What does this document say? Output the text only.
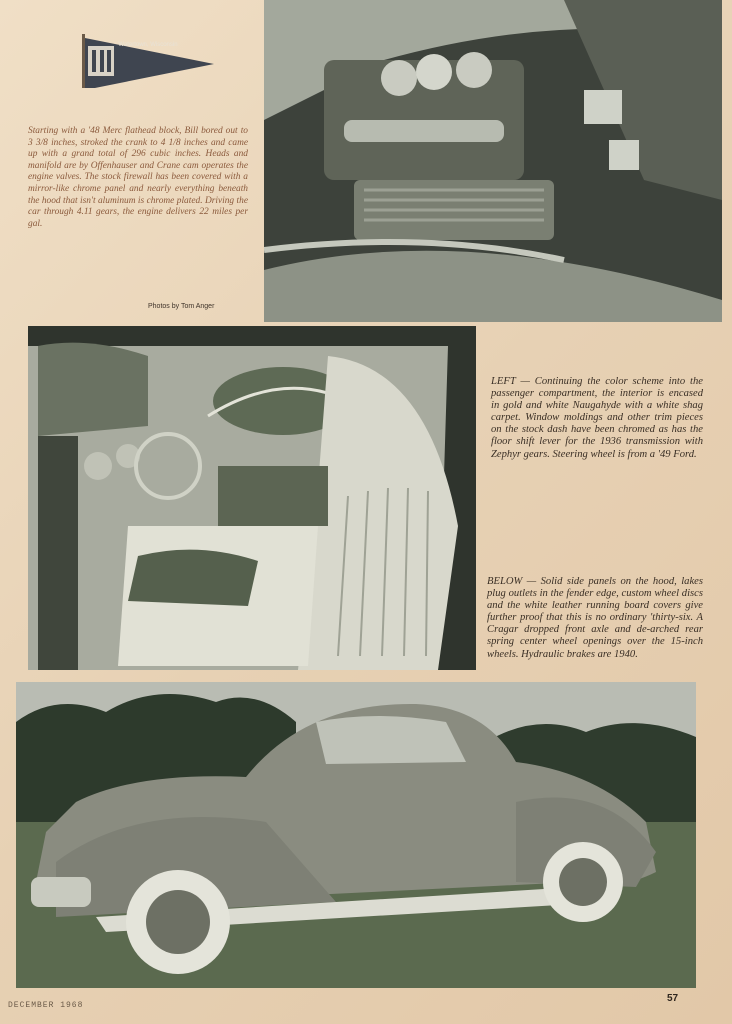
Watertown, Wisconsin
Starting with a '48 Merc flathead block, Bill bored out to 3 3/8 inches, stroked the crank to 4 1/8 inches and came up with a grand total of 296 cubic inches. Heads and manifold are by Offenhauser and Crane cam operates the engine valves. The stock firewall has been covered with a mirror-like chrome panel and nearly everything beneath the hood that isn't aluminum is chrome plated. Driving the car through 4.11 gears, the engine delivers 22 miles per gal.
Photos by Tom Anger
LEFT — Continuing the color scheme into the passenger compartment, the interior is encased in gold and white Naugahyde with a white shag carpet. Window moldings and other trim pieces on the stock dash have been chromed as has the floor shift lever for the 1936 transmission with Zephyr gears. Steering wheel is from a '49 Ford.
BELOW — Solid side panels on the hood, lakes plug outlets in the fender edge, custom wheel discs and the white leather running board covers give further proof that this is no ordinary 'thirty-six. A Cragar dropped front axle and de-arched rear spring center wheel openings over the 15-inch wheels. Hydraulic brakes are 1940.
DECEMBER 1968
57
